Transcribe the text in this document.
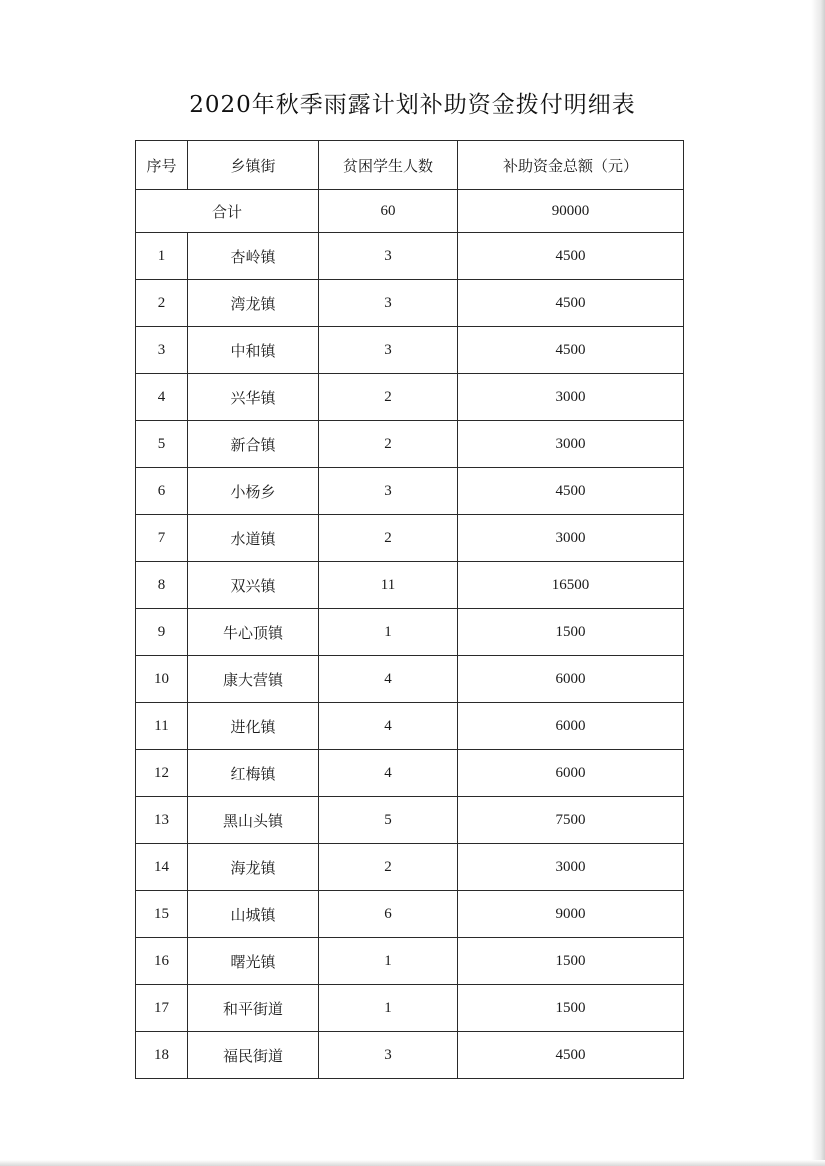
2020年秋季雨露计划补助资金拨付明细表
序号	乡镇街	贫困学生人数	补助资金总额（元）
合计		60	90000
1	杏岭镇	3	4500
2	湾龙镇	3	4500
3	中和镇	3	4500
4	兴华镇	2	3000
5	新合镇	2	3000
6	小杨乡	3	4500
7	水道镇	2	3000
8	双兴镇	11	16500
9	牛心顶镇	1	1500
10	康大营镇	4	6000
11	进化镇	4	6000
12	红梅镇	4	6000
13	黑山头镇	5	7500
14	海龙镇	2	3000
15	山城镇	6	9000
16	曙光镇	1	1500
17	和平街道	1	1500
18	福民街道	3	4500
